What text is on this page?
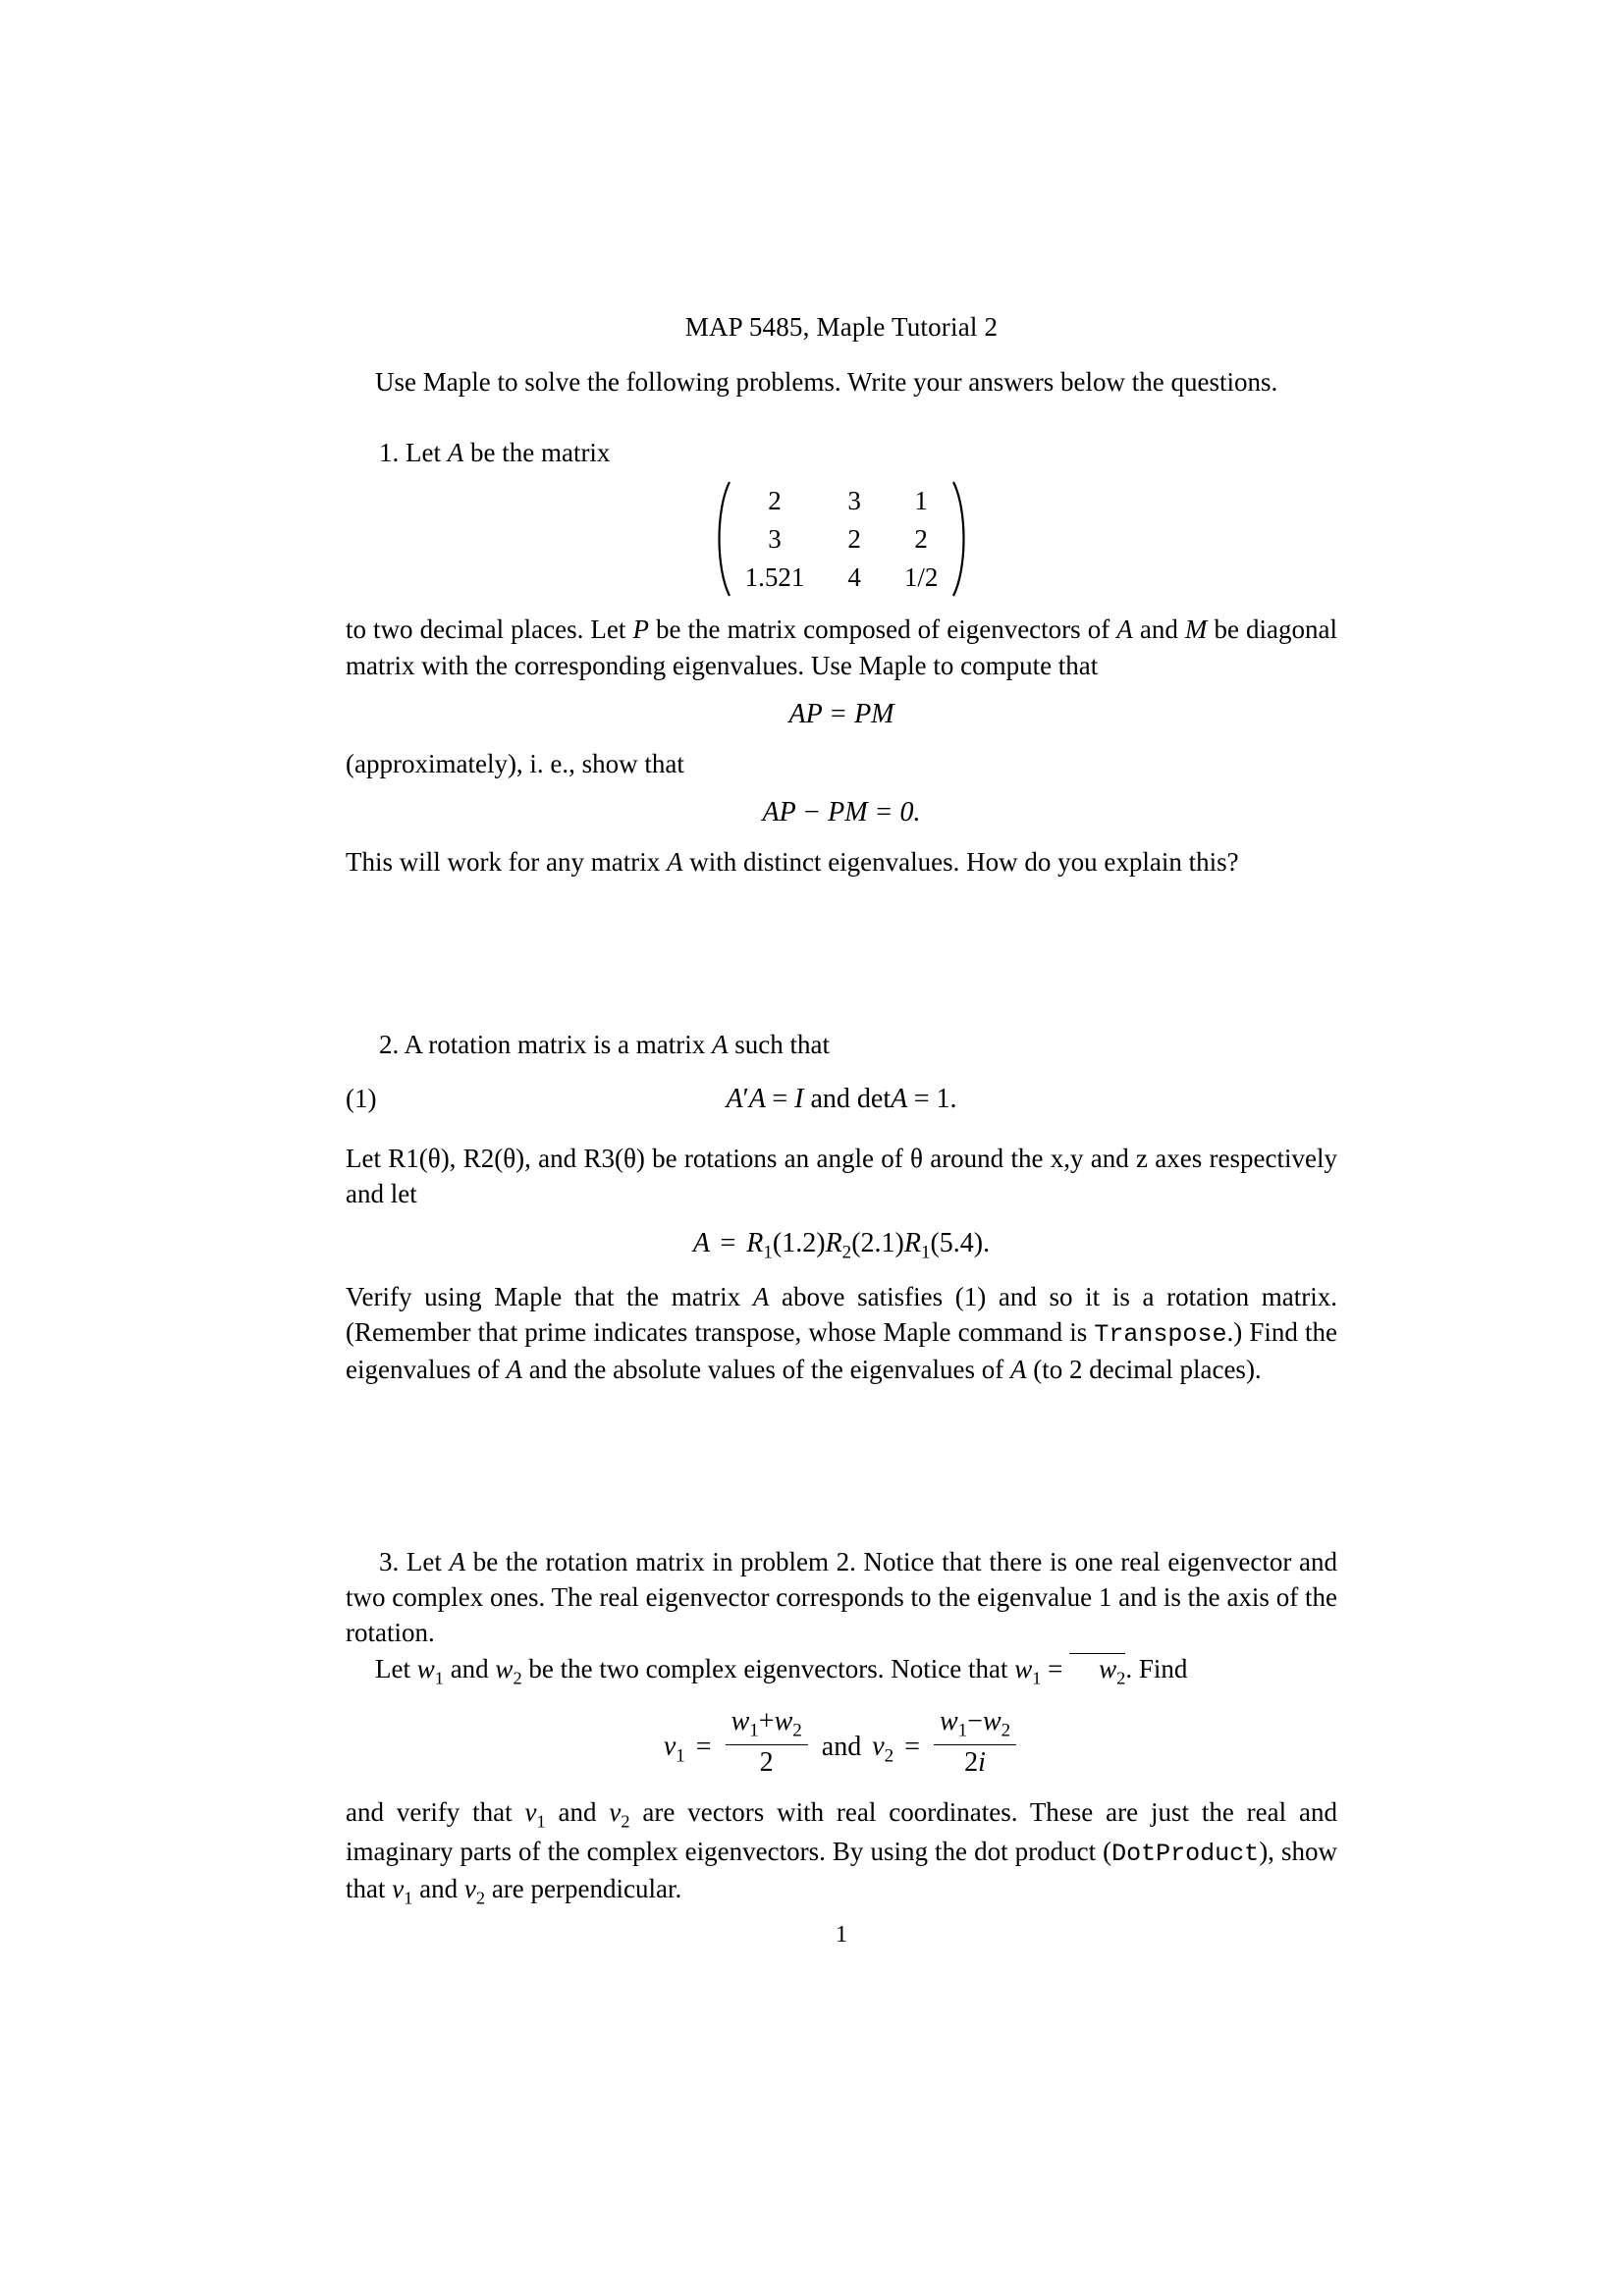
MAP 5485, Maple Tutorial 2

Use Maple to solve the following problems. Write your answers below the questions.

1. Let A be the matrix

2	3	1
3	2	2
1.521 4 1/2

to two decimal places. Let P be the matrix composed of eigenvectors of A and M be diagonal matrix with the corresponding eigenvalues. Use Maple to compute that

AP = PM

(approximately), i. e., show that

AP − PM = 0.

This will work for any matrix A with distinct eigenvalues. How do you explain this?

2. A rotation matrix is a matrix A such that

(1)	A′A = I and detA = 1.

Let R1(θ), R2(θ), and R3(θ) be rotations an angle of θ around the x,y and z axes respectively and let

$A = R_1(1.2)R_2(2.1)R_1(5.4)$.

Verify using Maple that the matrix A above satisfies (1) and so it is a rotation matrix. (Remember that prime indicates transpose, whose Maple command is Transpose.) Find the eigenvalues of A and the absolute values of the eigenvalues of A (to 2 decimal places).

3. Let A be the rotation matrix in problem 2. Notice that there is one real eigenvector and two complex ones. The real eigenvector corresponds to the eigenvalue 1 and is the axis of the rotation.

Let $w_1$ and $w_2$ be the two complex eigenvectors. Notice that $w_1 = w_2$. Find

$v_1 = \frac{w_1+w_2}{2}$ and $v_2 = \frac{w_1-w_2}{2i}$

and verify that $v_1$ and $v_2$ are vectors with real coordinates. These are just the real and imaginary parts of the complex eigenvectors. By using the dot product (DotProduct), show that $v_1$ and $v_2$ are perpendicular.

1
